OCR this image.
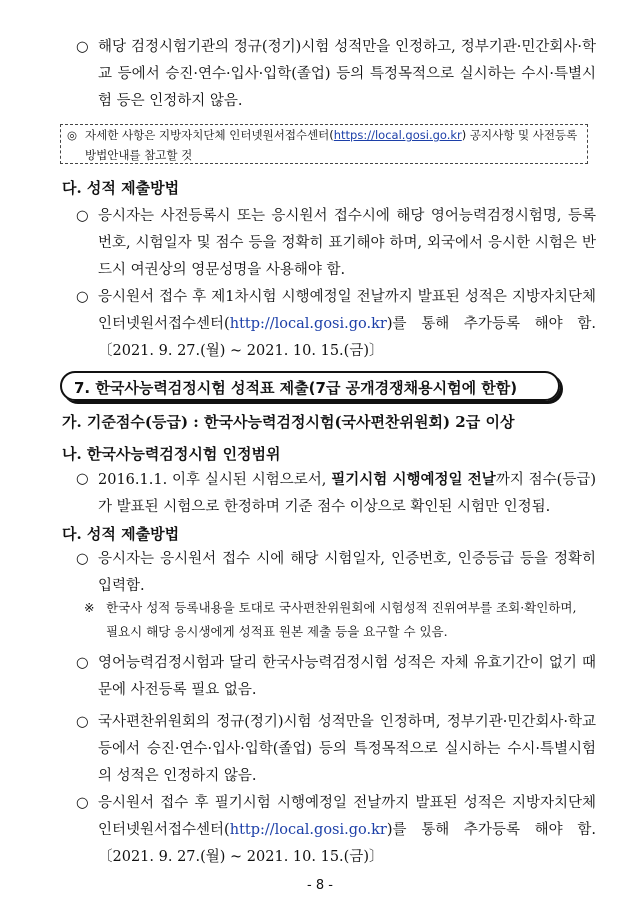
○ 해당 검정시험기관의 정규(정기)시험 성적만을 인정하고, 정부기관·민간회사·학교 등에서 승진·연수·입사·입학(졸업) 등의 특정목적으로 실시하는 수시·특별시험 등은 인정하지 않음.
◎ 자세한 사항은 지방자치단체 인터넷원서접수센터(https://local.gosi.go.kr) 공지사항 및 사전등록 방법안내를 참고할 것
다. 성적 제출방법
○ 응시자는 사전등록시 또는 응시원서 접수시에 해당 영어능력검정시험명, 등록번호, 시험일자 및 점수 등을 정확히 표기해야 하며, 외국에서 응시한 시험은 반드시 여권상의 영문성명을 사용해야 함.
○ 응시원서 접수 후 제1차시험 시행예정일 전날까지 발표된 성적은 지방자치단체 인터넷원서접수센터(http://local.gosi.go.kr)를 통해 추가등록 해야 함. 〔2021. 9. 27.(월) ~ 2021. 10. 15.(금)〕
7. 한국사능력검정시험 성적표 제출(7급 공개경쟁채용시험에 한함)
가. 기준점수(등급) : 한국사능력검정시험(국사편찬위원회) 2급 이상
나. 한국사능력검정시험 인정범위
○ 2016.1.1. 이후 실시된 시험으로서, 필기시험 시행예정일 전날까지 점수(등급)가 발표된 시험으로 한정하며 기준 점수 이상으로 확인된 시험만 인정됨.
다. 성적 제출방법
○ 응시자는 응시원서 접수 시에 해당 시험일자, 인증번호, 인증등급 등을 정확히 입력함.
※ 한국사 성적 등록내용을 토대로 국사편찬위원회에 시험성적 진위여부를 조회·확인하며, 필요시 해당 응시생에게 성적표 원본 제출 등을 요구할 수 있음.
○ 영어능력검정시험과 달리 한국사능력검정시험 성적은 자체 유효기간이 없기 때문에 사전등록 필요 없음.
○ 국사편찬위원회의 정규(정기)시험 성적만을 인정하며, 정부기관·민간회사·학교 등에서 승진·연수·입사·입학(졸업) 등의 특정목적으로 실시하는 수시·특별시험의 성적은 인정하지 않음.
○ 응시원서 접수 후 필기시험 시행예정일 전날까지 발표된 성적은 지방자치단체 인터넷원서접수센터(http://local.gosi.go.kr)를 통해 추가등록 해야 함. 〔2021. 9. 27.(월) ~ 2021. 10. 15.(금)〕
- 8 -
